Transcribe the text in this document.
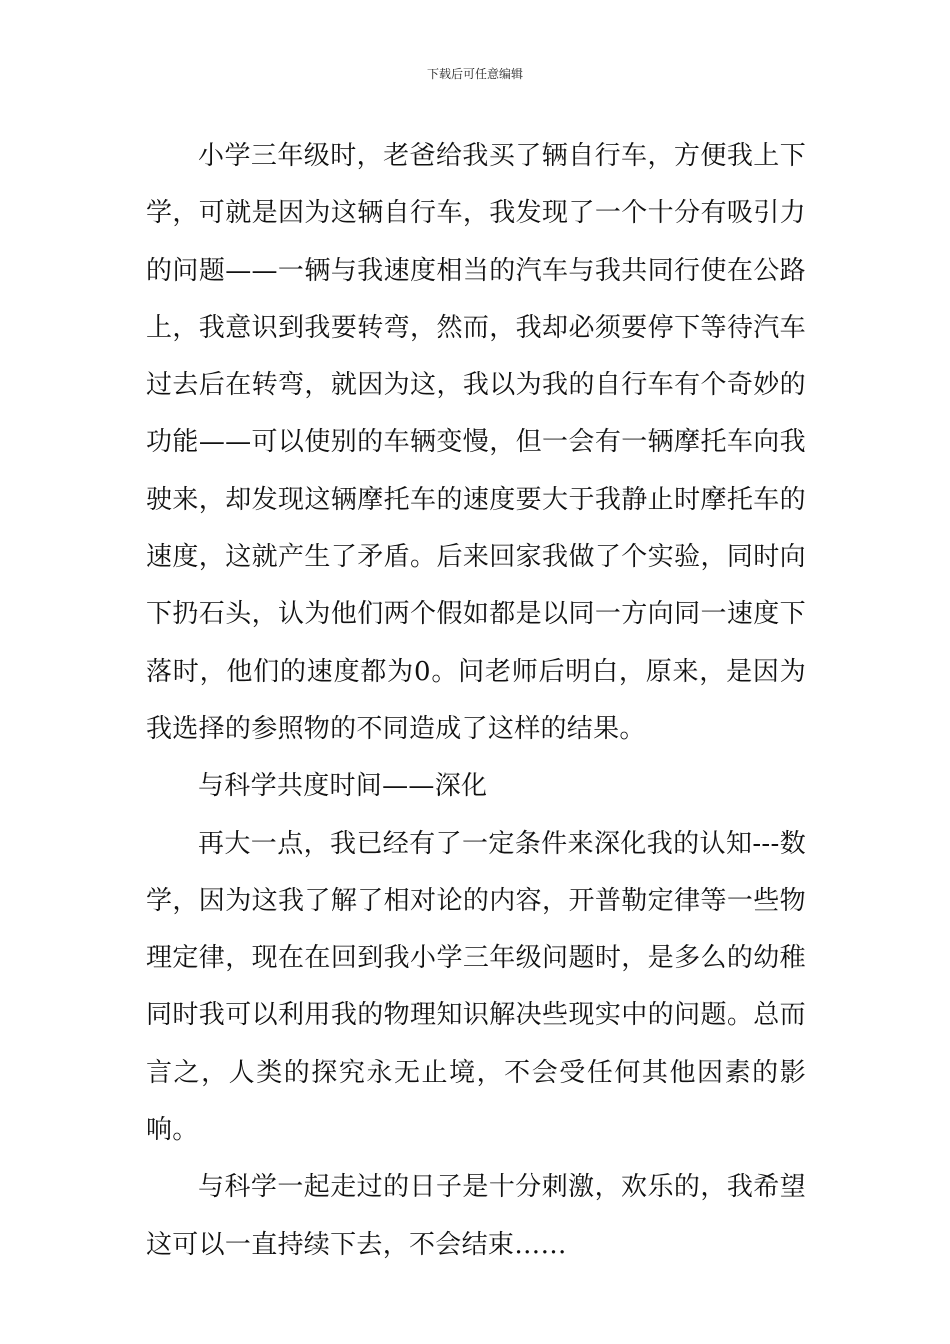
下载后可任意编辑

小学三年级时，老爸给我买了辆自行车，方便我上下学，可就是因为这辆自行车，我发现了一个十分有吸引力的问题——一辆与我速度相当的汽车与我共同行使在公路上，我意识到我要转弯，然而，我却必须要停下等待汽车过去后在转弯，就因为这，我以为我的自行车有个奇妙的功能——可以使别的车辆变慢，但一会有一辆摩托车向我驶来，却发现这辆摩托车的速度要大于我静止时摩托车的速度，这就产生了矛盾。后来回家我做了个实验，同时向下扔石头，认为他们两个假如都是以同一方向同一速度下落时，他们的速度都为0。问老师后明白，原来，是因为我选择的参照物的不同造成了这样的结果。

与科学共度时间——深化

再大一点，我已经有了一定条件来深化我的认知---数学，因为这我了解了相对论的内容，开普勒定律等一些物理定律，现在在回到我小学三年级问题时，是多么的幼稚同时我可以利用我的物理知识解决些现实中的问题。总而言之，人类的探究永无止境，不会受任何其他因素的影响。

与科学一起走过的日子是十分刺激，欢乐的，我希望这可以一直持续下去，不会结束……
